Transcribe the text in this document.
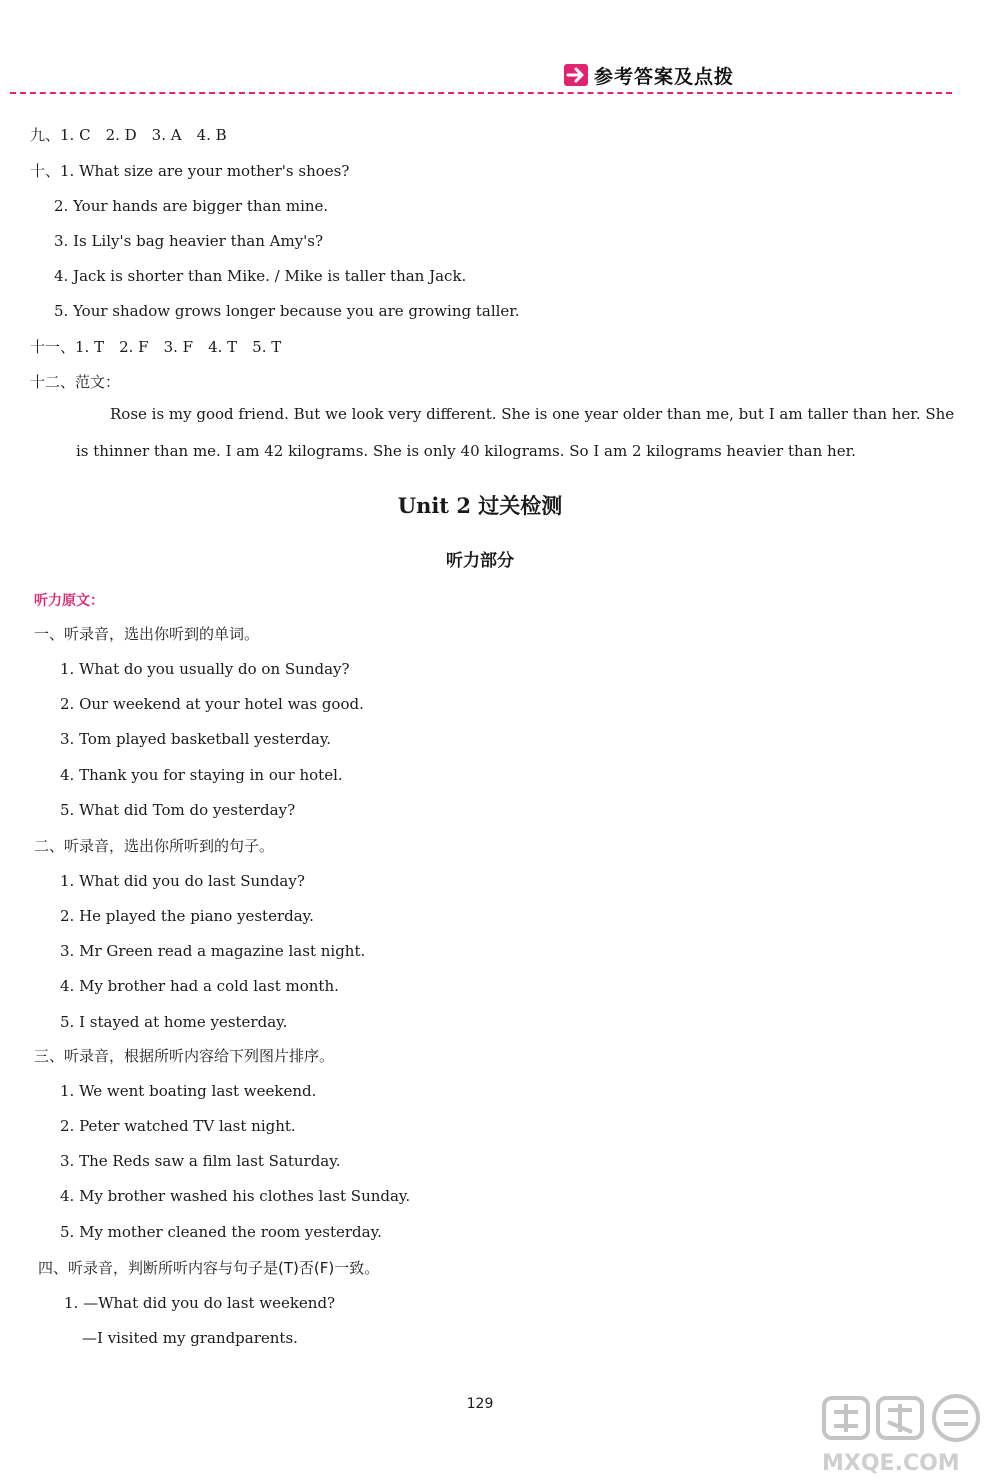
参考答案及点拨
九、1. C　2. D　3. A　4. B
十、1. What size are your mother's shoes?
2. Your hands are bigger than mine.
3. Is Lily's bag heavier than Amy's?
4. Jack is shorter than Mike. / Mike is taller than Jack.
5. Your shadow grows longer because you are growing taller.
十一、1. T　2. F　3. F　4. T　5. T
十二、范文：
Rose is my good friend. But we look very different. She is one year older than me, but I am taller than her. She
is thinner than me. I am 42 kilograms. She is only 40 kilograms. So I am 2 kilograms heavier than her.
Unit 2 过关检测
听力部分
听力原文：
一、听录音，选出你听到的单词。
1. What do you usually do on Sunday?
2. Our weekend at your hotel was good.
3. Tom played basketball yesterday.
4. Thank you for staying in our hotel.
5. What did Tom do yesterday?
二、听录音，选出你所听到的句子。
1. What did you do last Sunday?
2. He played the piano yesterday.
3. Mr Green read a magazine last night.
4. My brother had a cold last month.
5. I stayed at home yesterday.
三、听录音，根据所听内容给下列图片排序。
1. We went boating last weekend.
2. Peter watched TV last night.
3. The Reds saw a film last Saturday.
4. My brother washed his clothes last Sunday.
5. My mother cleaned the room yesterday.
四、听录音，判断所听内容与句子是(T)否(F)一致。
1. —What did you do last weekend?
—I visited my grandparents.
129
MXQE.COM
